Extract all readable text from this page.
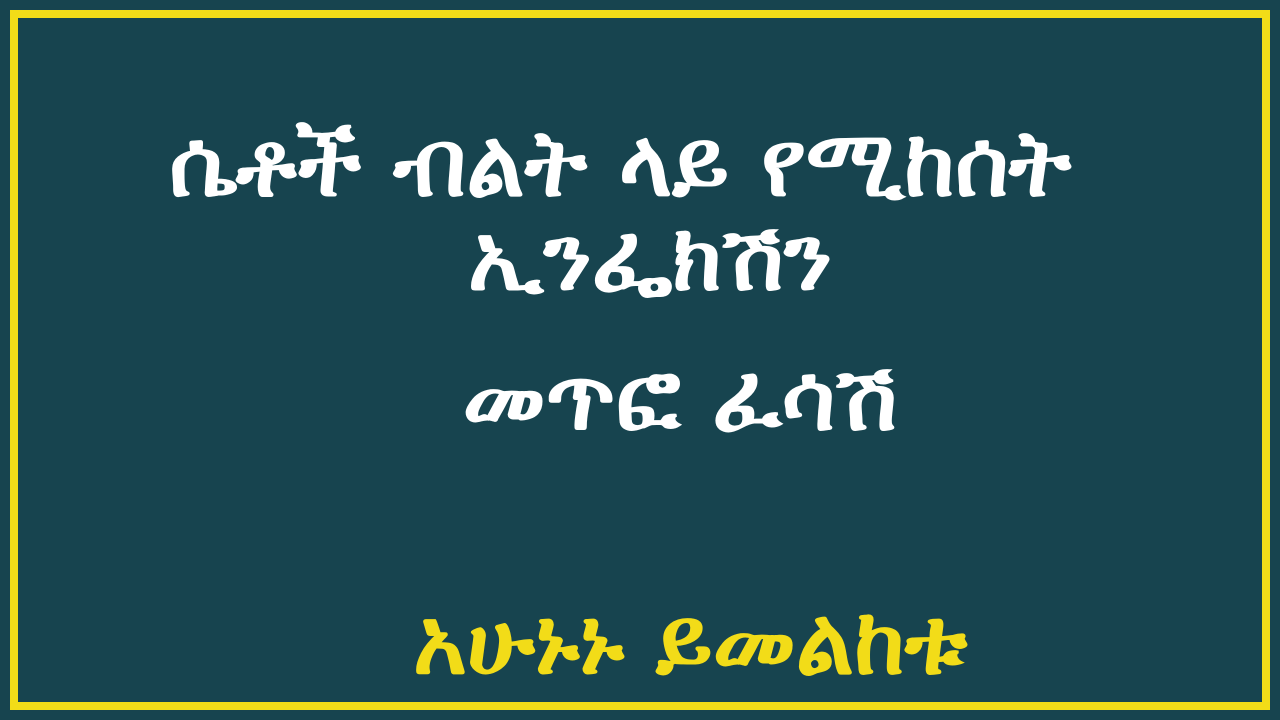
ሴቶች ብልት ላይ የሚከሰት
ኢንፌክሽን
መጥፎ ፈሳሽ
አሁኑኑ ይመልከቱ
